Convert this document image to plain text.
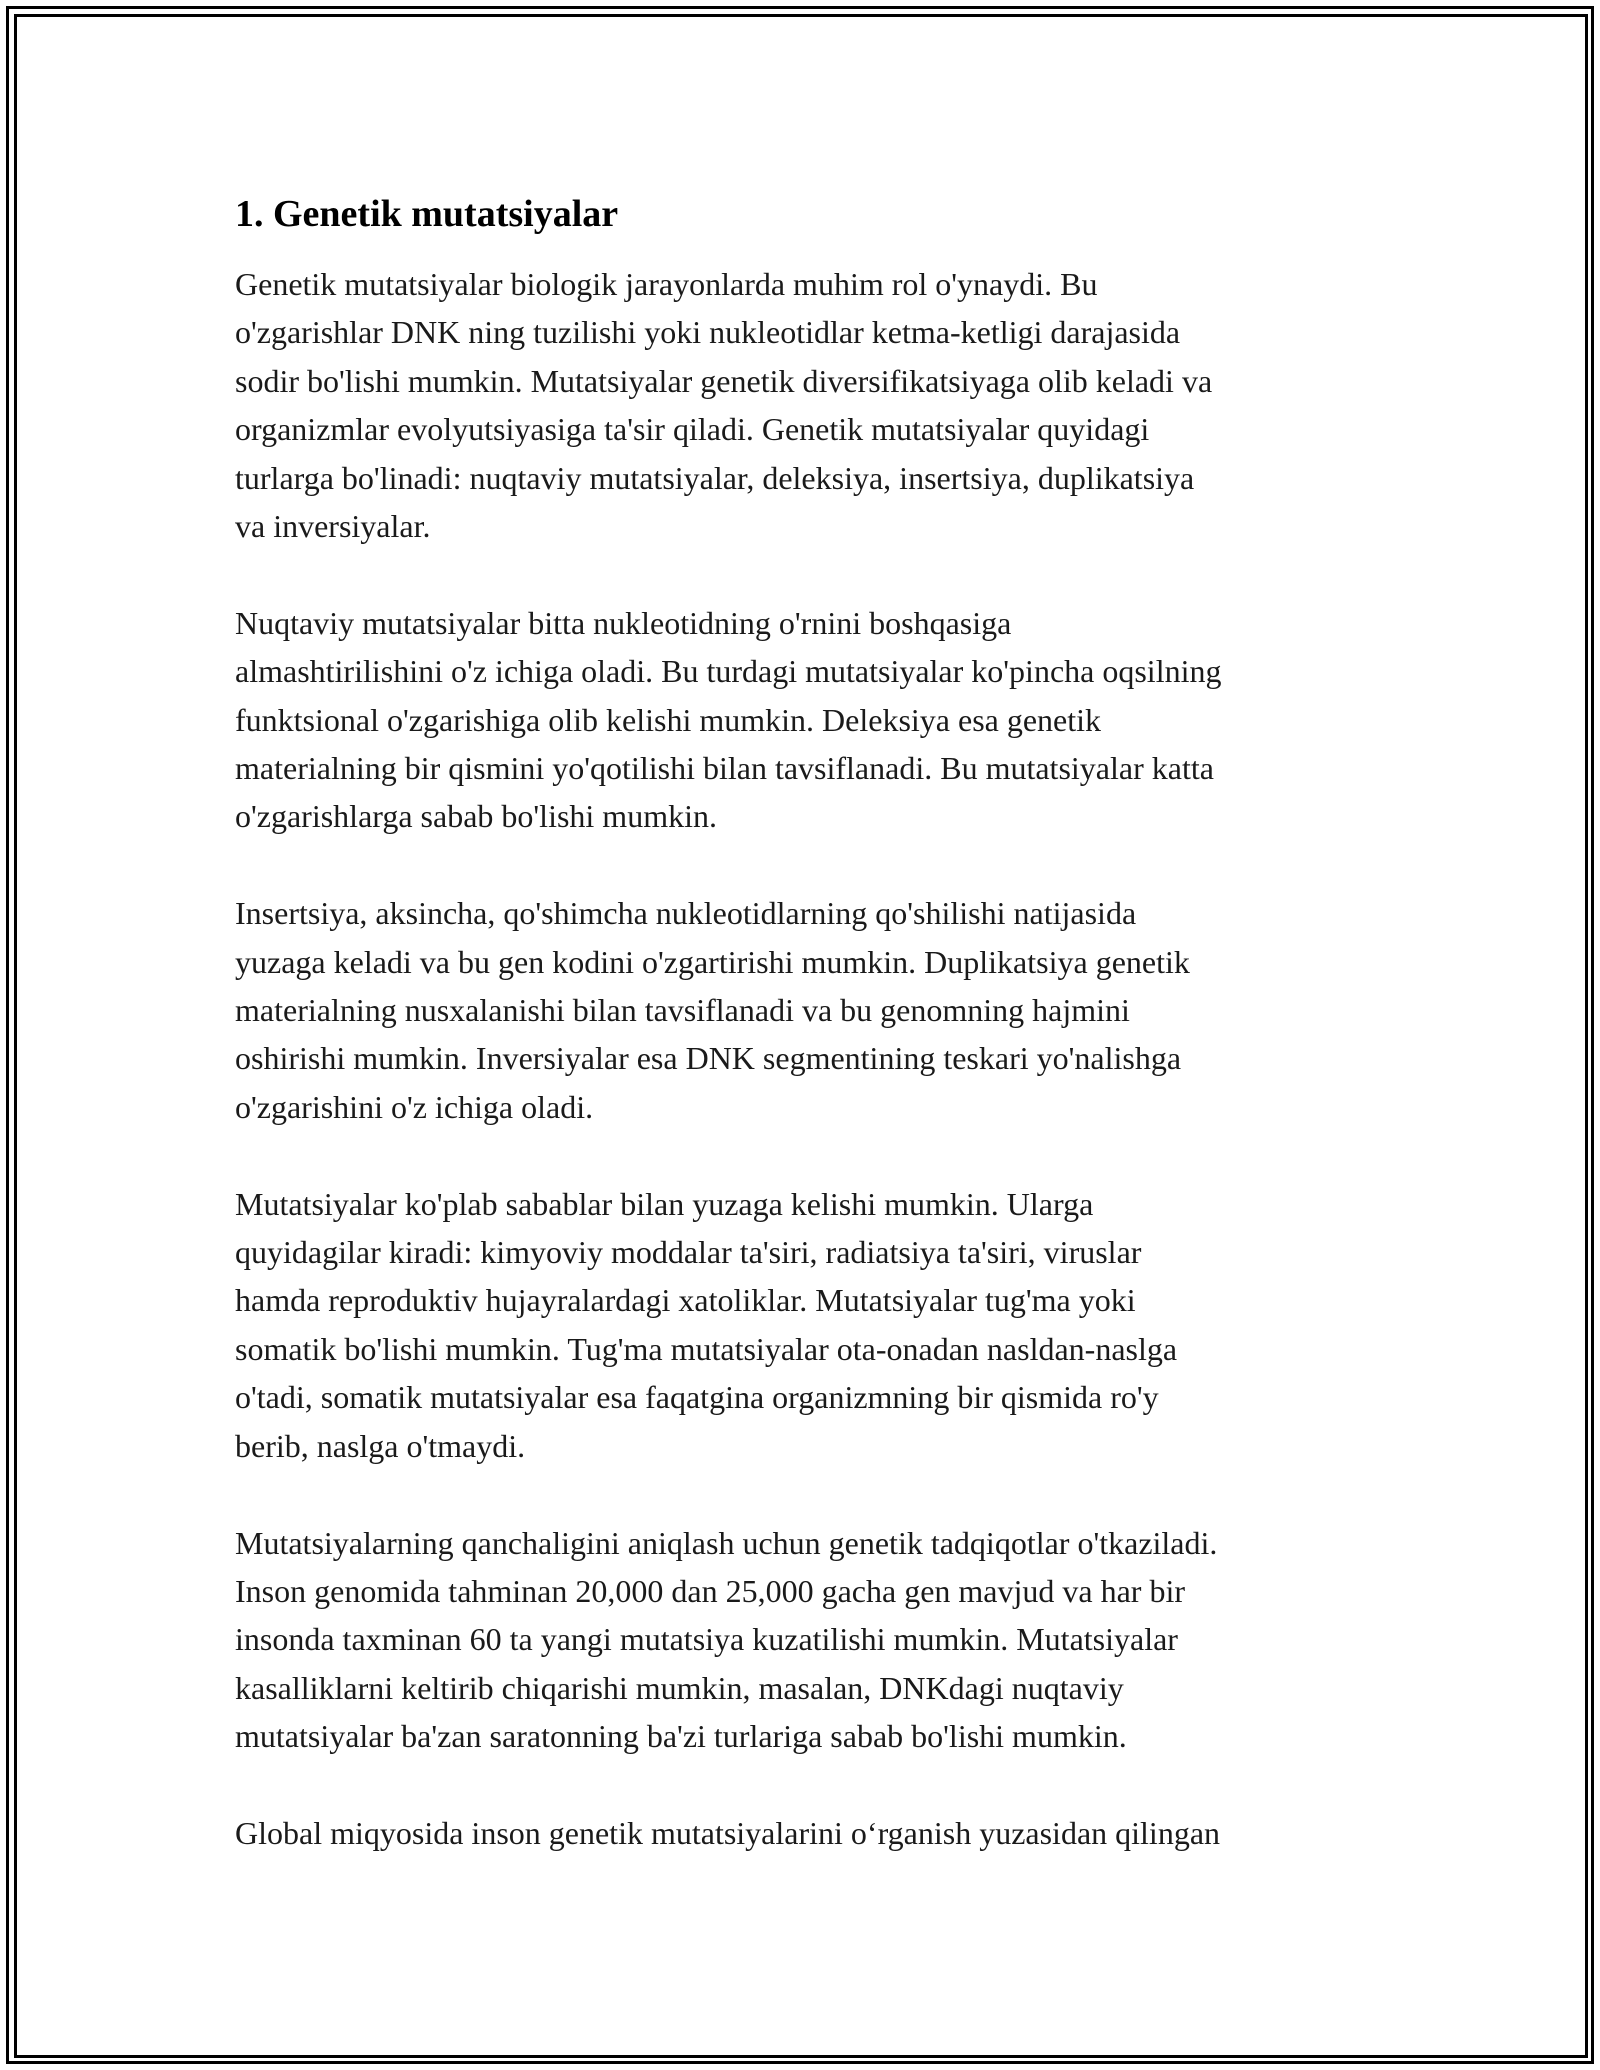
1. Genetik mutatsiyalar

Genetik mutatsiyalar biologik jarayonlarda muhim rol o'ynaydi. Bu
o'zgarishlar DNK ning tuzilishi yoki nukleotidlar ketma-ketligi darajasida
sodir bo'lishi mumkin. Mutatsiyalar genetik diversifikatsiyaga olib keladi va
organizmlar evolyutsiyasiga ta'sir qiladi. Genetik mutatsiyalar quyidagi
turlarga bo'linadi: nuqtaviy mutatsiyalar, deleksiya, insertsiya, duplikatsiya
va inversiyalar.

Nuqtaviy mutatsiyalar bitta nukleotidning o'rnini boshqasiga
almashtirilishini o'z ichiga oladi. Bu turdagi mutatsiyalar ko'pincha oqsilning
funktsional o'zgarishiga olib kelishi mumkin. Deleksiya esa genetik
materialning bir qismini yo'qotilishi bilan tavsiflanadi. Bu mutatsiyalar katta
o'zgarishlarga sabab bo'lishi mumkin.

Insertsiya, aksincha, qo'shimcha nukleotidlarning qo'shilishi natijasida
yuzaga keladi va bu gen kodini o'zgartirishi mumkin. Duplikatsiya genetik
materialning nusxalanishi bilan tavsiflanadi va bu genomning hajmini
oshirishi mumkin. Inversiyalar esa DNK segmentining teskari yo'nalishga
o'zgarishini o'z ichiga oladi.

Mutatsiyalar ko'plab sabablar bilan yuzaga kelishi mumkin. Ularga
quyidagilar kiradi: kimyoviy moddalar ta'siri, radiatsiya ta'siri, viruslar
hamda reproduktiv hujayralardagi xatoliklar. Mutatsiyalar tug'ma yoki
somatik bo'lishi mumkin. Tug'ma mutatsiyalar ota-onadan nasldan-naslga
o'tadi, somatik mutatsiyalar esa faqatgina organizmning bir qismida ro'y
berib, naslga o'tmaydi.

Mutatsiyalarning qanchaligini aniqlash uchun genetik tadqiqotlar o'tkaziladi.
Inson genomida tahminan 20,000 dan 25,000 gacha gen mavjud va har bir
insonda taxminan 60 ta yangi mutatsiya kuzatilishi mumkin. Mutatsiyalar
kasalliklarni keltirib chiqarishi mumkin, masalan, DNKdagi nuqtaviy
mutatsiyalar ba'zan saratonning ba'zi turlariga sabab bo'lishi mumkin.

Global miqyosida inson genetik mutatsiyalarini o‘rganish yuzasidan qilingan
